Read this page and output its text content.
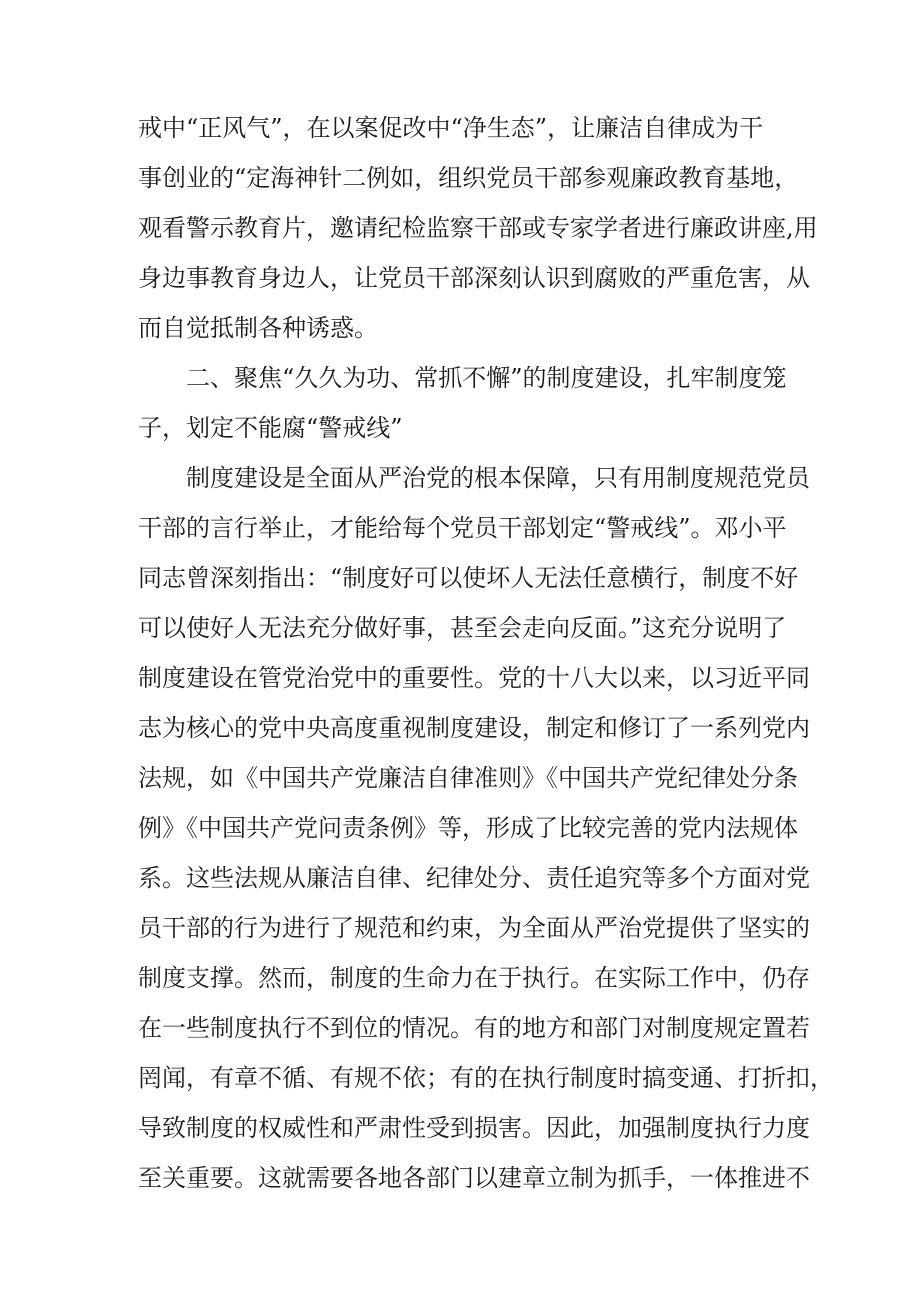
戒中“正风气”，在以案促改中“净生态”，让廉洁自律成为干
事创业的“定海神针二例如，组织党员干部参观廉政教育基地，
观看警示教育片，邀请纪检监察干部或专家学者进行廉政讲座,用
身边事教育身边人，让党员干部深刻认识到腐败的严重危害，从
而自觉抵制各种诱惑。
二、聚焦“久久为功、常抓不懈”的制度建设，扎牢制度笼
子，划定不能腐“警戒线”
制度建设是全面从严治党的根本保障，只有用制度规范党员
干部的言行举止，才能给每个党员干部划定“警戒线”。邓小平
同志曾深刻指出：“制度好可以使坏人无法任意横行，制度不好
可以使好人无法充分做好事，甚至会走向反面。”这充分说明了
制度建设在管党治党中的重要性。党的十八大以来，以习近平同
志为核心的党中央高度重视制度建设，制定和修订了一系列党内
法规，如《中国共产党廉洁自律准则》《中国共产党纪律处分条
例》《中国共产党问责条例》等，形成了比较完善的党内法规体
系。这些法规从廉洁自律、纪律处分、责任追究等多个方面对党
员干部的行为进行了规范和约束，为全面从严治党提供了坚实的
制度支撑。然而，制度的生命力在于执行。在实际工作中，仍存
在一些制度执行不到位的情况。有的地方和部门对制度规定置若
罔闻，有章不循、有规不依；有的在执行制度时搞变通、打折扣，
导致制度的权威性和严肃性受到损害。因此，加强制度执行力度
至关重要。这就需要各地各部门以建章立制为抓手，一体推进不
